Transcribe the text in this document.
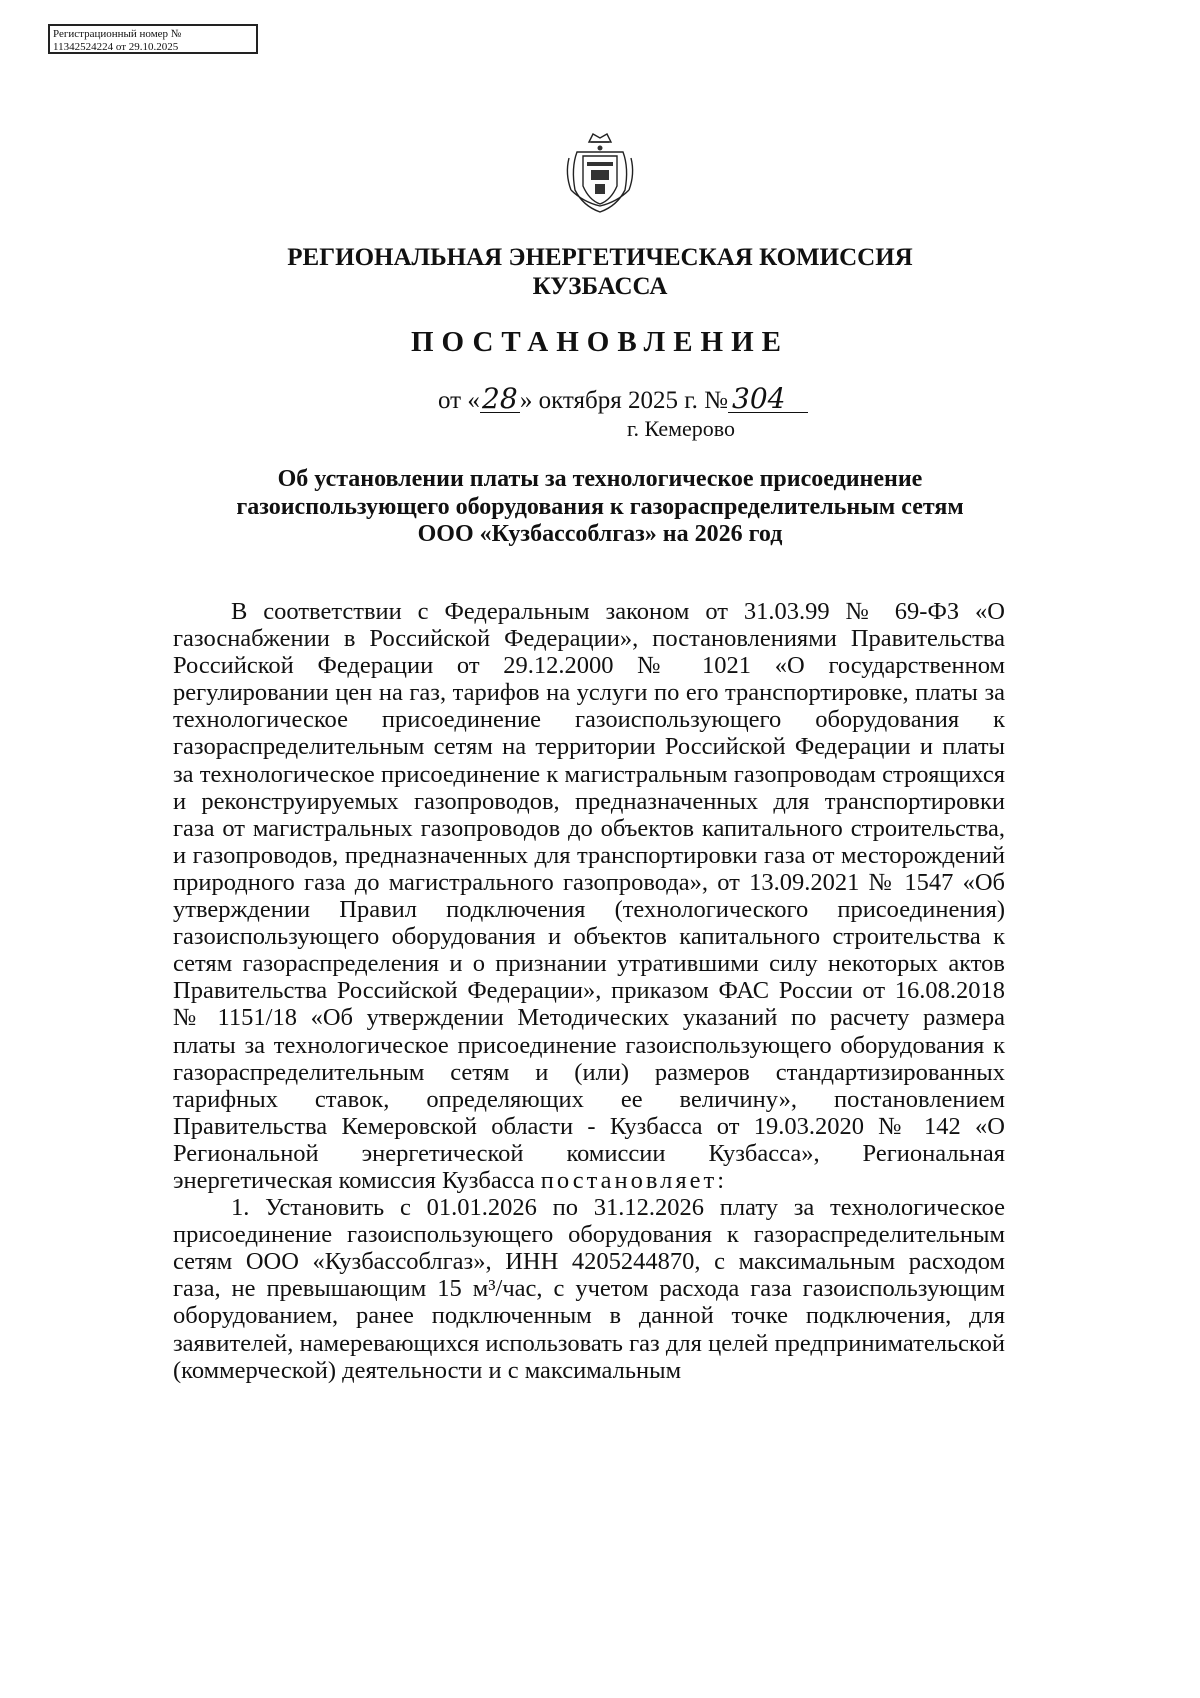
Регистрационный номер №
11342524224 от 29.10.2025
РЕГИОНАЛЬНАЯ ЭНЕРГЕТИЧЕСКАЯ КОМИССИЯ
КУЗБАССА
ПОСТАНОВЛЕНИЕ
от «28» октября 2025 г. № 304
г. Кемерово
Об установлении платы за технологическое присоединение
газоиспользующего оборудования к газораспределительным сетям
ООО «Кузбассоблгаз» на 2026 год

В соответствии с Федеральным законом от 31.03.99 № 69-ФЗ «О газоснабжении в Российской Федерации», постановлениями Правительства Российской Федерации от 29.12.2000 № 1021 «О государственном регулировании цен на газ, тарифов на услуги по его транспортировке, платы за технологическое присоединение газоиспользующего оборудования к газораспределительным сетям на территории Российской Федерации и платы за технологическое присоединение к магистральным газопроводам строящихся и реконструируемых газопроводов, предназначенных для транспортировки газа от магистральных газопроводов до объектов капитального строительства, и газопроводов, предназначенных для транспортировки газа от месторождений природного газа до магистрального газопровода», от 13.09.2021 № 1547 «Об утверждении Правил подключения (технологического присоединения) газоиспользующего оборудования и объектов капитального строительства к сетям газораспределения и о признании утратившими силу некоторых актов Правительства Российской Федерации», приказом ФАС России от 16.08.2018 № 1151/18 «Об утверждении Методических указаний по расчету размера платы за технологическое присоединение газоиспользующего оборудования к газораспределительным сетям и (или) размеров стандартизированных тарифных ставок, определяющих ее величину», постановлением Правительства Кемеровской области - Кузбасса от 19.03.2020 № 142 «О Региональной энергетической комиссии Кузбасса», Региональная энергетическая комиссия Кузбасса постановляет:

1. Установить с 01.01.2026 по 31.12.2026 плату за технологическое присоединение газоиспользующего оборудования к газораспределительным сетям ООО «Кузбассоблгаз», ИНН 4205244870, с максимальным расходом газа, не превышающим 15 м³/час, с учетом расхода газа газоиспользующим оборудованием, ранее подключенным в данной точке подключения, для заявителей, намеревающихся использовать газ для целей предпринимательской (коммерческой) деятельности и с максимальным
